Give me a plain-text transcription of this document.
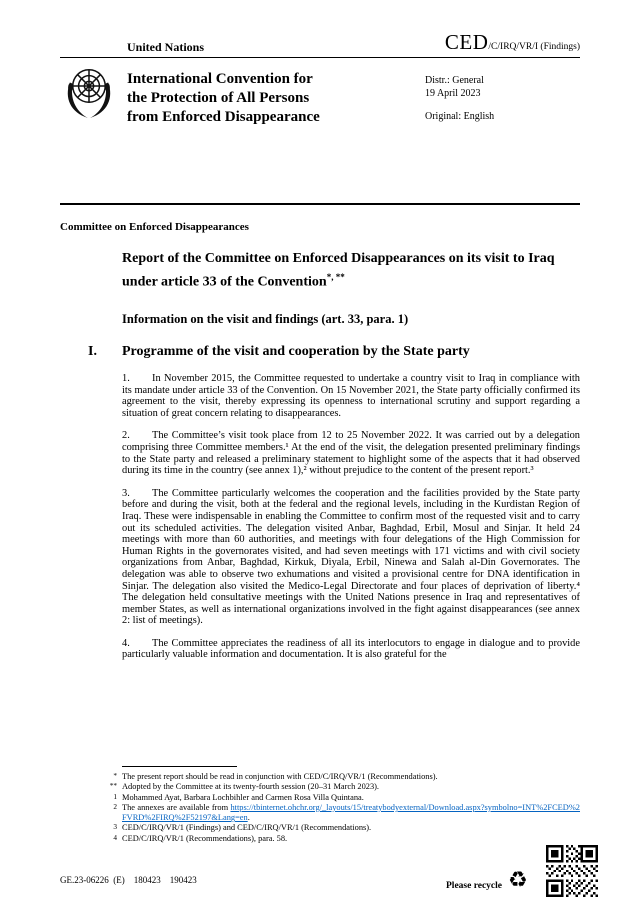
United Nations	CED/C/IRQ/VR/I (Findings)
International Convention for
the Protection of All Persons
from Enforced Disappearance
Distr.: General
19 April 2023
Original: English
Committee on Enforced Disappearances
Report of the Committee on Enforced Disappearances on its visit to Iraq under article 33 of the Convention*, **
Information on the visit and findings (art. 33, para. 1)
I. Programme of the visit and cooperation by the State party

1. In November 2015, the Committee requested to undertake a country visit to Iraq in compliance with its mandate under article 33 of the Convention. On 15 November 2021, the State party officially confirmed its agreement to the visit, thereby expressing its openness to international scrutiny and support regarding a situation of great concern relating to disappearances.

2. The Committee’s visit took place from 12 to 25 November 2022. It was carried out by a delegation comprising three Committee members.¹ At the end of the visit, the delegation presented preliminary findings to the State party and released a preliminary statement to highlight some of the aspects that it had observed during its time in the country (see annex 1),² without prejudice to the content of the present report.³

3. The Committee particularly welcomes the cooperation and the facilities provided by the State party before and during the visit, both at the federal and the regional levels, including in the Kurdistan Region of Iraq. These were indispensable in enabling the Committee to confirm most of the requested visit and to carry out its scheduled activities. The delegation visited Anbar, Baghdad, Erbil, Mosul and Sinjar. It held 24 meetings with more than 60 authorities, and meetings with four delegations of the High Commission for Human Rights in the governorates visited, and had seven meetings with 171 victims and with civil society organizations from Anbar, Baghdad, Kirkuk, Diyala, Erbil, Ninewa and Salah al-Din Governorates. The delegation was able to observe two exhumations and visited a provisional centre for DNA identification in Sinjar. The delegation also visited the Medico-Legal Directorate and four places of deprivation of liberty.⁴ The delegation held consultative meetings with the United Nations presence in Iraq and representatives of member States, as well as international organizations involved in the fight against disappearances (see annex 2: list of meetings).

4. The Committee appreciates the readiness of all its interlocutors to engage in dialogue and to provide particularly valuable information and documentation. It is also grateful for the

* The present report should be read in conjunction with CED/C/IRQ/VR/1 (Recommendations).
** Adopted by the Committee at its twenty-fourth session (20–31 March 2023).
1 Mohammed Ayat, Barbara Lochbihler and Carmen Rosa Villa Quintana.
2 The annexes are available from https://tbinternet.ohchr.org/_layouts/15/treatybodyexternal/Download.aspx?symbolno=INT%2FCED%2FVRD%2FIRQ%2F52197&Lang=en.
3 CED/C/IRQ/VR/1 (Findings) and CED/C/IRQ/VR/1 (Recommendations).
4 CED/C/IRQ/VR/1 (Recommendations), para. 58.
GE.23-06226  (E)    180423    190423
Please recycle ♻
